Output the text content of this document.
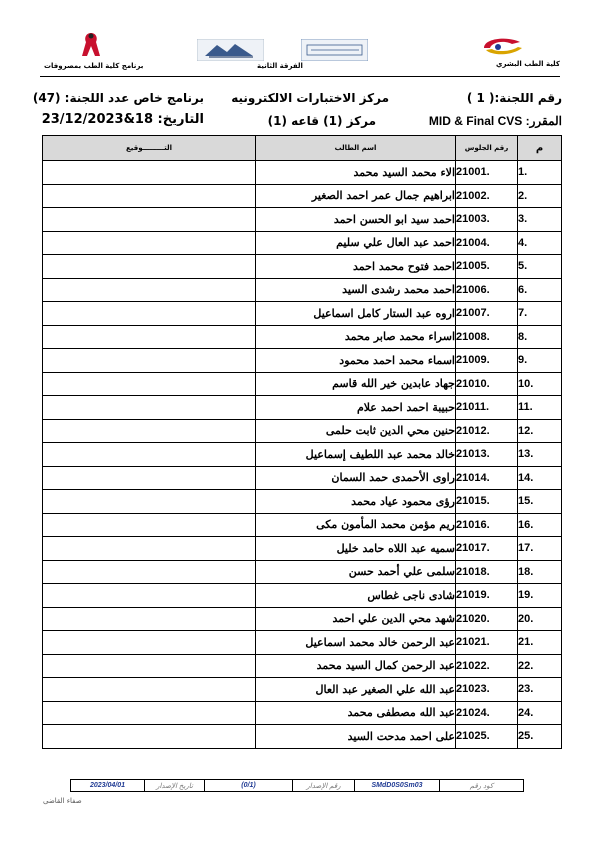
كلية الطب البشري
الفرقة الثانية
برنامج كلية الطب بمصروفات
رقم اللجنة:( 1 )
مركز الاختبارات الالكترونيه
برنامج خاص عدد اللجنة: (47)
المقرر: MID & Final CVS
مركز (1) قاعه (1)
التاريخ: 18&23/12/2023
التـــــــــوقيع	اسم الطالب	رقم الجلوس	م
	الاء محمد السيد محمد	21001.	1.
	ابراهيم جمال عمر احمد الصغير	21002.	2.
	احمد سيد ابو الحسن احمد	21003.	3.
	احمد عبد العال علي سليم	21004.	4.
	احمد فتوح محمد احمد	21005.	5.
	احمد محمد رشدى السيد	21006.	6.
	اروه عبد الستار كامل اسماعيل	21007.	7.
	اسراء محمد صابر محمد	21008.	8.
	اسماء محمد احمد محمود	21009.	9.
	جهاد عابدين خير الله قاسم	21010.	10.
	حبيبة احمد احمد علام	21011.	11.
	حنين محي الدين ثابت حلمى	21012.	12.
	خالد محمد عبد اللطيف إسماعيل	21013.	13.
	راوى الأحمدى حمد السمان	21014.	14.
	رؤى محمود عياد محمد	21015.	15.
	ريم مؤمن محمد المأمون مكى	21016.	16.
	سميه عبد اللاه حامد خليل	21017.	17.
	سلمى علي أحمد حسن	21018.	18.
	شادى ناجى غطاس	21019.	19.
	شهد محي الدين علي احمد	21020.	20.
	عبد الرحمن خالد محمد اسماعيل	21021.	21.
	عبد الرحمن كمال السيد محمد	21022.	22.
	عبد الله علي الصغير عبد العال	21023.	23.
	عبد الله مصطفى محمد	21024.	24.
	على احمد مدحت السيد	21025.	25.
2023/04/01	تاريخ الإصدار	(0/1)	رقم الإصدار	SMdD0S0Sm03	كود رقم
صفاء القاضى
